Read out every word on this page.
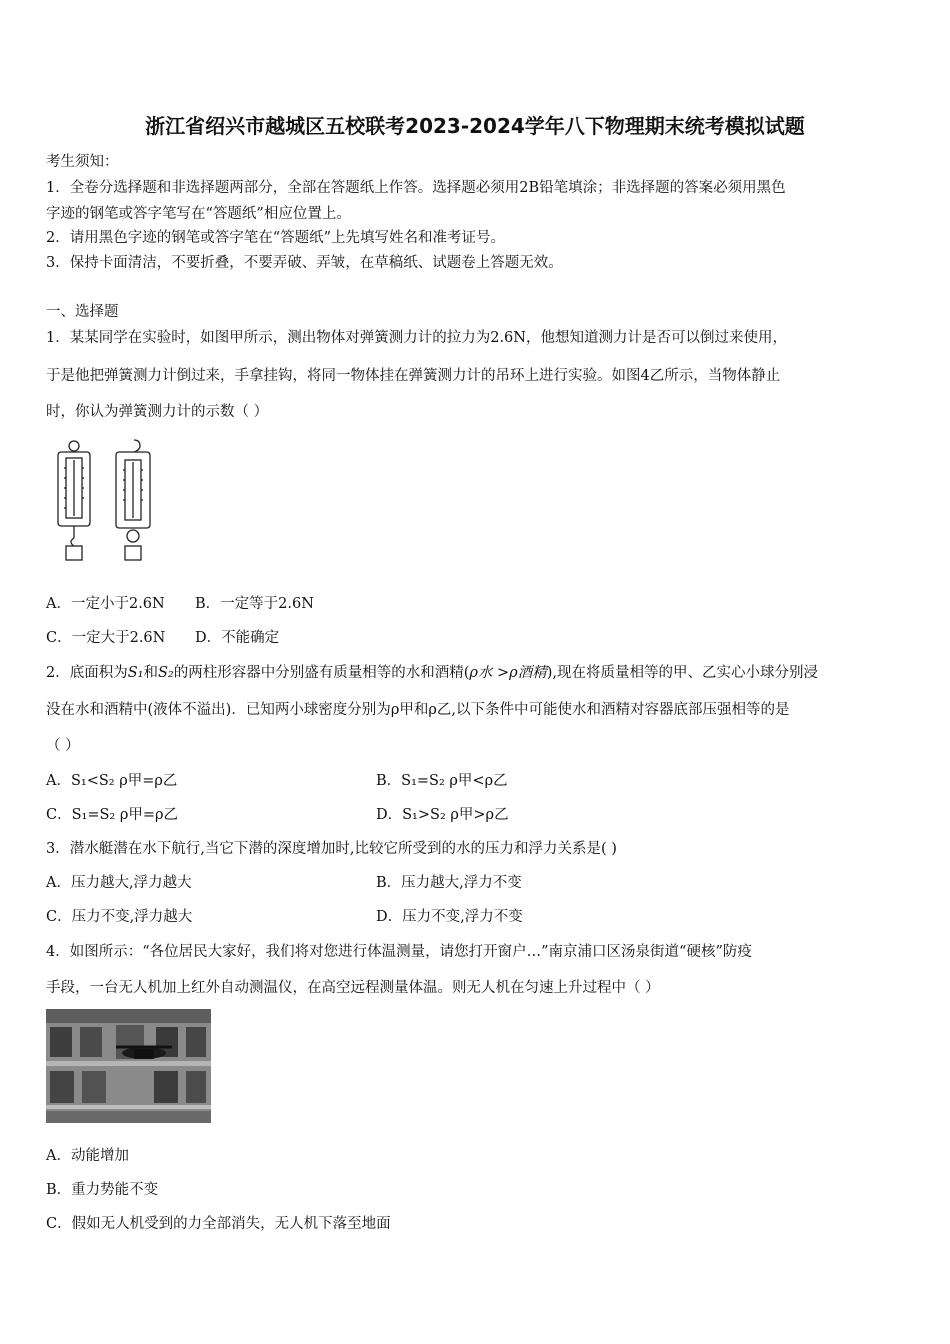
浙江省绍兴市越城区五校联考2023-2024学年八下物理期末统考模拟试题
考生须知：
1．全卷分选择题和非选择题两部分，全部在答题纸上作答。选择题必须用2B铅笔填涂；非选择题的答案必须用黑色
字迹的钢笔或答字笔写在“答题纸”相应位置上。
2．请用黑色字迹的钢笔或答字笔在“答题纸”上先填写姓名和准考证号。
3．保持卡面清洁，不要折叠，不要弄破、弄皱，在草稿纸、试题卷上答题无效。
一、选择题
1．某某同学在实验时，如图甲所示，测出物体对弹簧测力计的拉力为2.6N，他想知道测力计是否可以倒过来使用，
于是他把弹簧测力计倒过来，手拿挂钩，将同一物体挂在弹簧测力计的吊环上进行实验。如图4乙所示，当物体静止
时，你认为弹簧测力计的示数（ ）
A．一定小于2.6N B．一定等于2.6N
C．一定大于2.6N D．不能确定
2．底面积为S₁和S₂的两柱形容器中分别盛有质量相等的水和酒精(ρ水 >ρ酒精),现在将质量相等的甲、乙实心小球分别浸
没在水和酒精中(液体不溢出)．已知两小球密度分别为ρ甲和ρ乙,以下条件中可能使水和酒精对容器底部压强相等的是
（ ）
A．S₁<S₂ ρ甲=ρ乙	B．S₁=S₂ ρ甲<ρ乙
C．S₁=S₂ ρ甲=ρ乙	D．S₁>S₂ ρ甲>ρ乙
3．潜水艇潜在水下航行,当它下潜的深度增加时,比较它所受到的水的压力和浮力关系是( )
A．压力越大,浮力越大	B．压力越大,浮力不变
C．压力不变,浮力越大	D．压力不变,浮力不变
4．如图所示：“各位居民大家好，我们将对您进行体温测量，请您打开窗户…”南京浦口区汤泉街道“硬核”防疫
手段，一台无人机加上红外自动测温仪，在高空远程测量体温。则无人机在匀速上升过程中（ ）
A．动能增加
B．重力势能不变
C．假如无人机受到的力全部消失，无人机下落至地面
